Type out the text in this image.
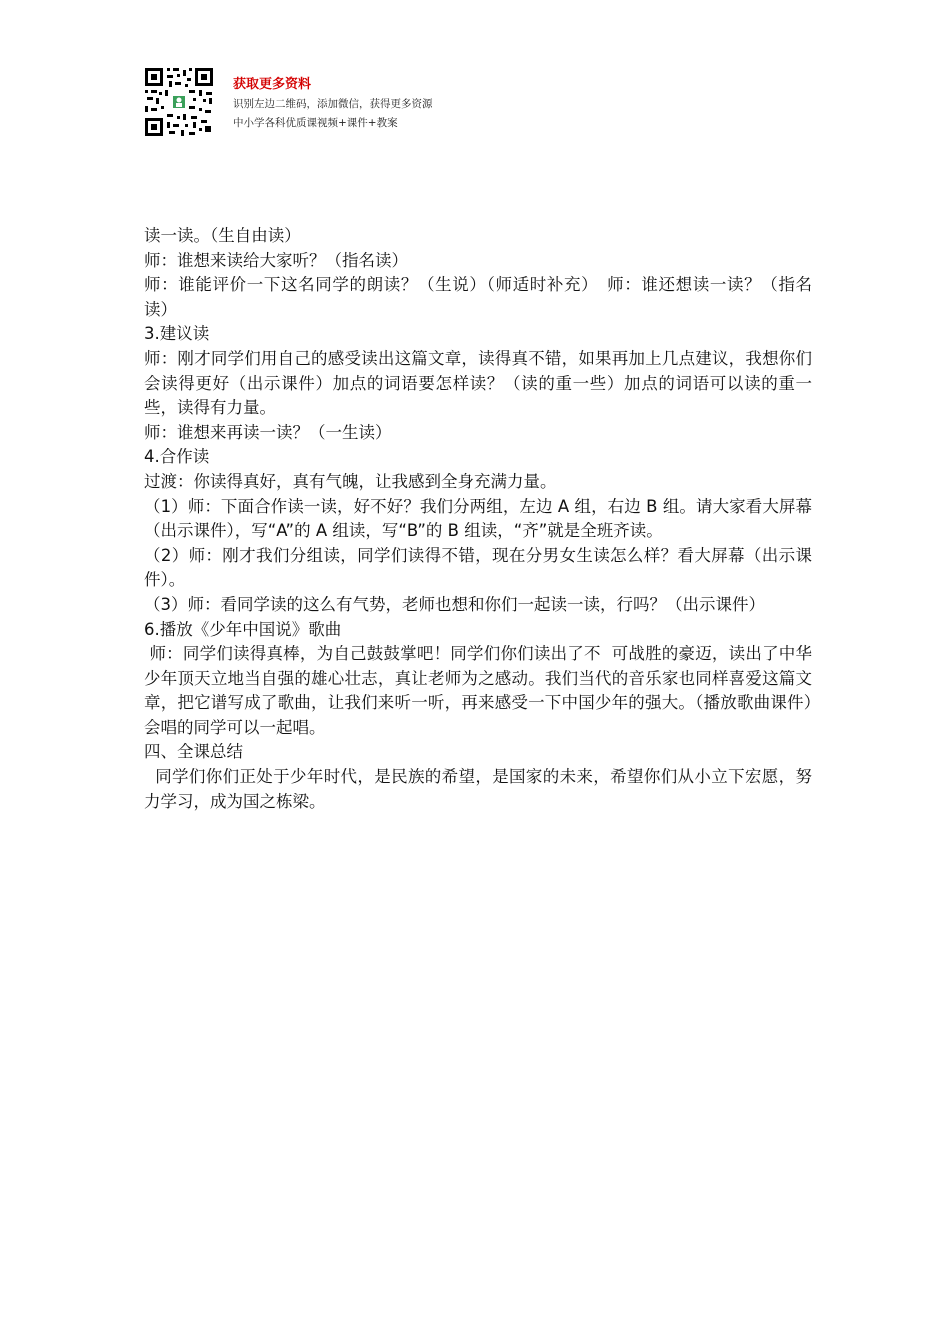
获取更多资料
识别左边二维码，添加微信，获得更多资源
中小学各科优质课视频+课件+教案

读一读。（生自由读）

师：谁想来读给大家听？（指名读）

师：谁能评价一下这名同学的朗读？（生说）（师适时补充）　师：谁还想读一读？（指名读）

3.建议读

师：刚才同学们用自己的感受读出这篇文章，读得真不错，如果再加上几点建议，我想你们会读得更好（出示课件）加点的词语要怎样读？（读的重一些）加点的词语可以读的重一些，读得有力量。

师：谁想来再读一读？（一生读）

4.合作读

过渡：你读得真好，真有气魄，让我感到全身充满力量。

（1）师：下面合作读一读，好不好？我们分两组，左边 A 组，右边 B 组。请大家看大屏幕（出示课件），写“A”的 A 组读，写“B”的 B 组读，“齐”就是全班齐读。

（2）师：刚才我们分组读，同学们读得不错，现在分男女生读怎么样？看大屏幕（出示课件）。

（3）师：看同学读的这么有气势，老师也想和你们一起读一读，行吗？（出示课件）

6.播放《少年中国说》歌曲

师：同学们读得真棒，为自己鼓鼓掌吧！同学们你们读出了不  可战胜的豪迈，读出了中华少年顶天立地当自强的雄心壮志，真让老师为之感动。我们当代的音乐家也同样喜爱这篇文章，把它谱写成了歌曲，让我们来听一听，再来感受一下中国少年的强大。（播放歌曲课件）会唱的同学可以一起唱。

四、全课总结

同学们你们正处于少年时代，是民族的希望，是国家的未来，希望你们从小立下宏愿，努力学习，成为国之栋梁。
